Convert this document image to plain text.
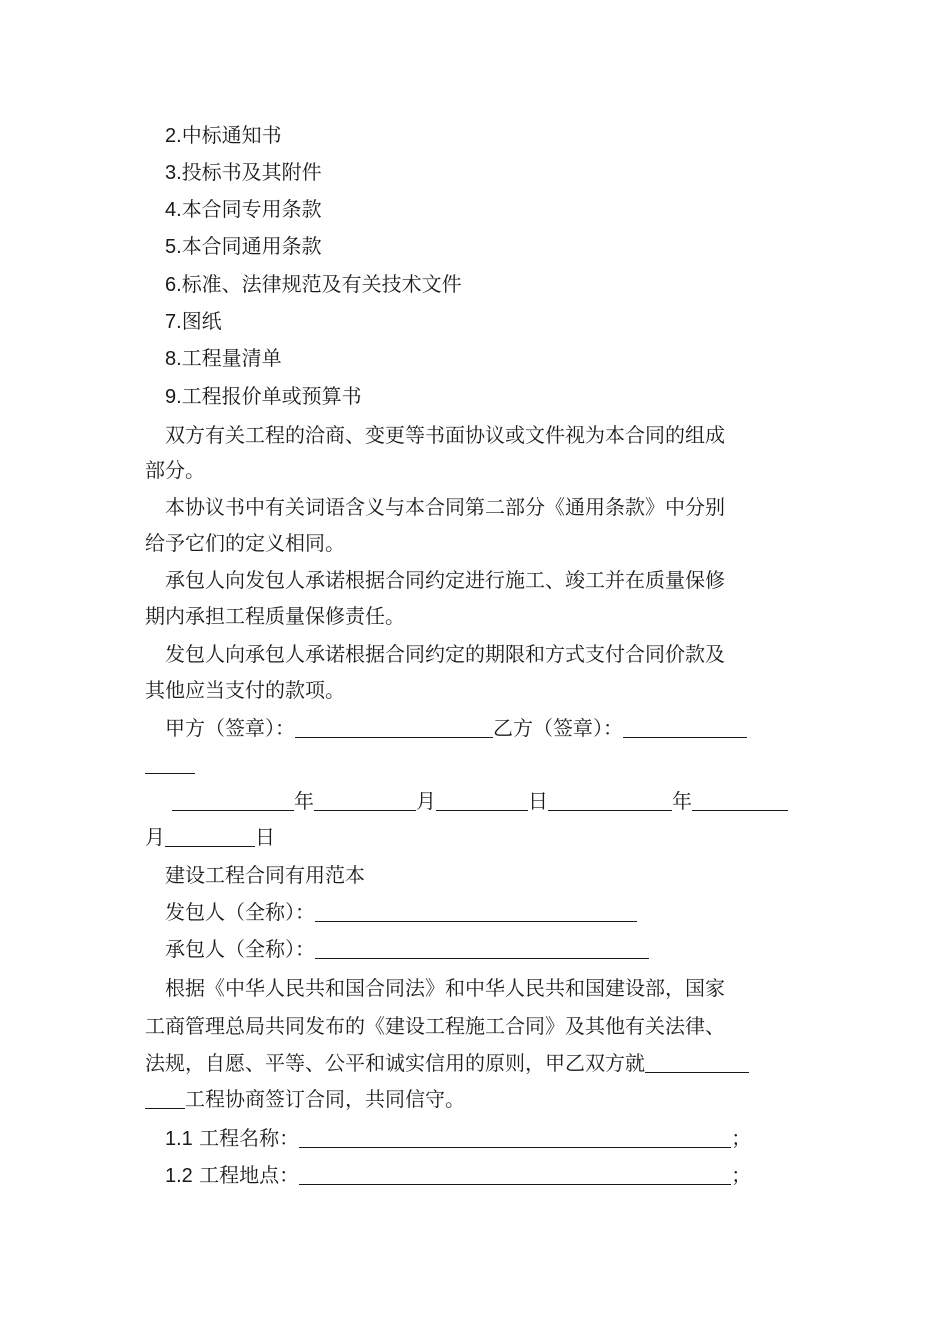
2.中标通知书
3.投标书及其附件
4.本合同专用条款
5.本合同通用条款
6.标准、法律规范及有关技术文件
7.图纸
8.工程量清单
9.工程报价单或预算书
双方有关工程的洽商、变更等书面协议或文件视为本合同的组成
部分。
本协议书中有关词语含义与本合同第二部分《通用条款》中分别
给予它们的定义相同。
承包人向发包人承诺根据合同约定进行施工、竣工并在质量保修
期内承担工程质量保修责任。
发包人向承包人承诺根据合同约定的期限和方式支付合同价款及
其他应当支付的款项。
甲方（签章）：	乙方（签章）：
年	月	日	年
月	日
建设工程合同有用范本
发包人（全称）：
承包人（全称）：
根据《中华人民共和国合同法》和中华人民共和国建设部，国家
工商管理总局共同发布的《建设工程施工合同》及其他有关法律、
法规，自愿、平等、公平和诚实信用的原则，甲乙双方就
工程协商签订合同，共同信守。
1.1 工程名称：	；
1.2 工程地点：	；
